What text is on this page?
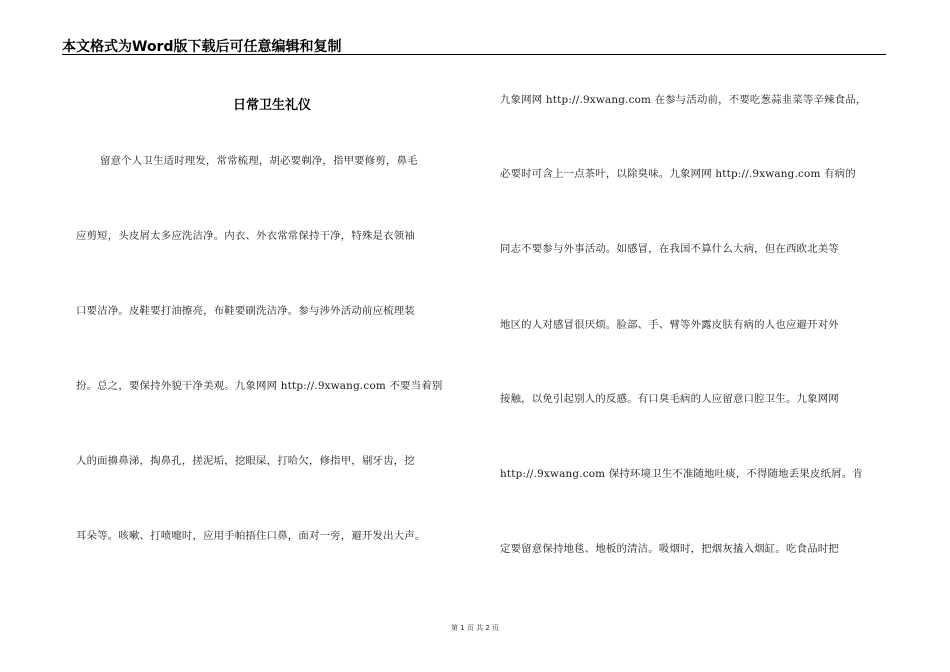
本文格式为Word版下载后可任意编辑和复制
日常卫生礼仪
留意个人卫生适时理发，常常梳理，胡必要剃净，指甲要修剪，鼻毛
应剪短，头皮屑太多应洗洁净。内衣、外衣常常保持干净，特殊是衣领袖
口要洁净。皮鞋要打油擦亮，布鞋要刷洗洁净。参与涉外活动前应梳理装
扮。总之，要保持外貌干净美观。九象网网 http://.9xwang.com 不要当着别
人的面擤鼻涕，掏鼻孔，搓泥垢，挖眼屎，打哈欠，修指甲，剔牙齿，挖
耳朵等。咳嗽、打喷嚏时，应用手帕捂住口鼻，面对一旁，避开发出大声。
九象网网 http://.9xwang.com 在参与活动前，不要吃葱蒜韭菜等辛辣食品，
必要时可含上一点茶叶，以除臭味。九象网网 http://.9xwang.com 有病的
同志不要参与外事活动。如感冒，在我国不算什么大病，但在西欧北美等
地区的人对感冒很厌烦。脸部、手、臂等外露皮肤有病的人也应避开对外
接触，以免引起别人的反感。有口臭毛病的人应留意口腔卫生。九象网网
http://.9xwang.com 保持环境卫生不准随地吐痰，不得随地丢果皮纸屑。肯
定要留意保持地毯、地板的清洁。吸烟时，把烟灰搕入烟缸。吃食品时把
第 1 页 共 2 页
